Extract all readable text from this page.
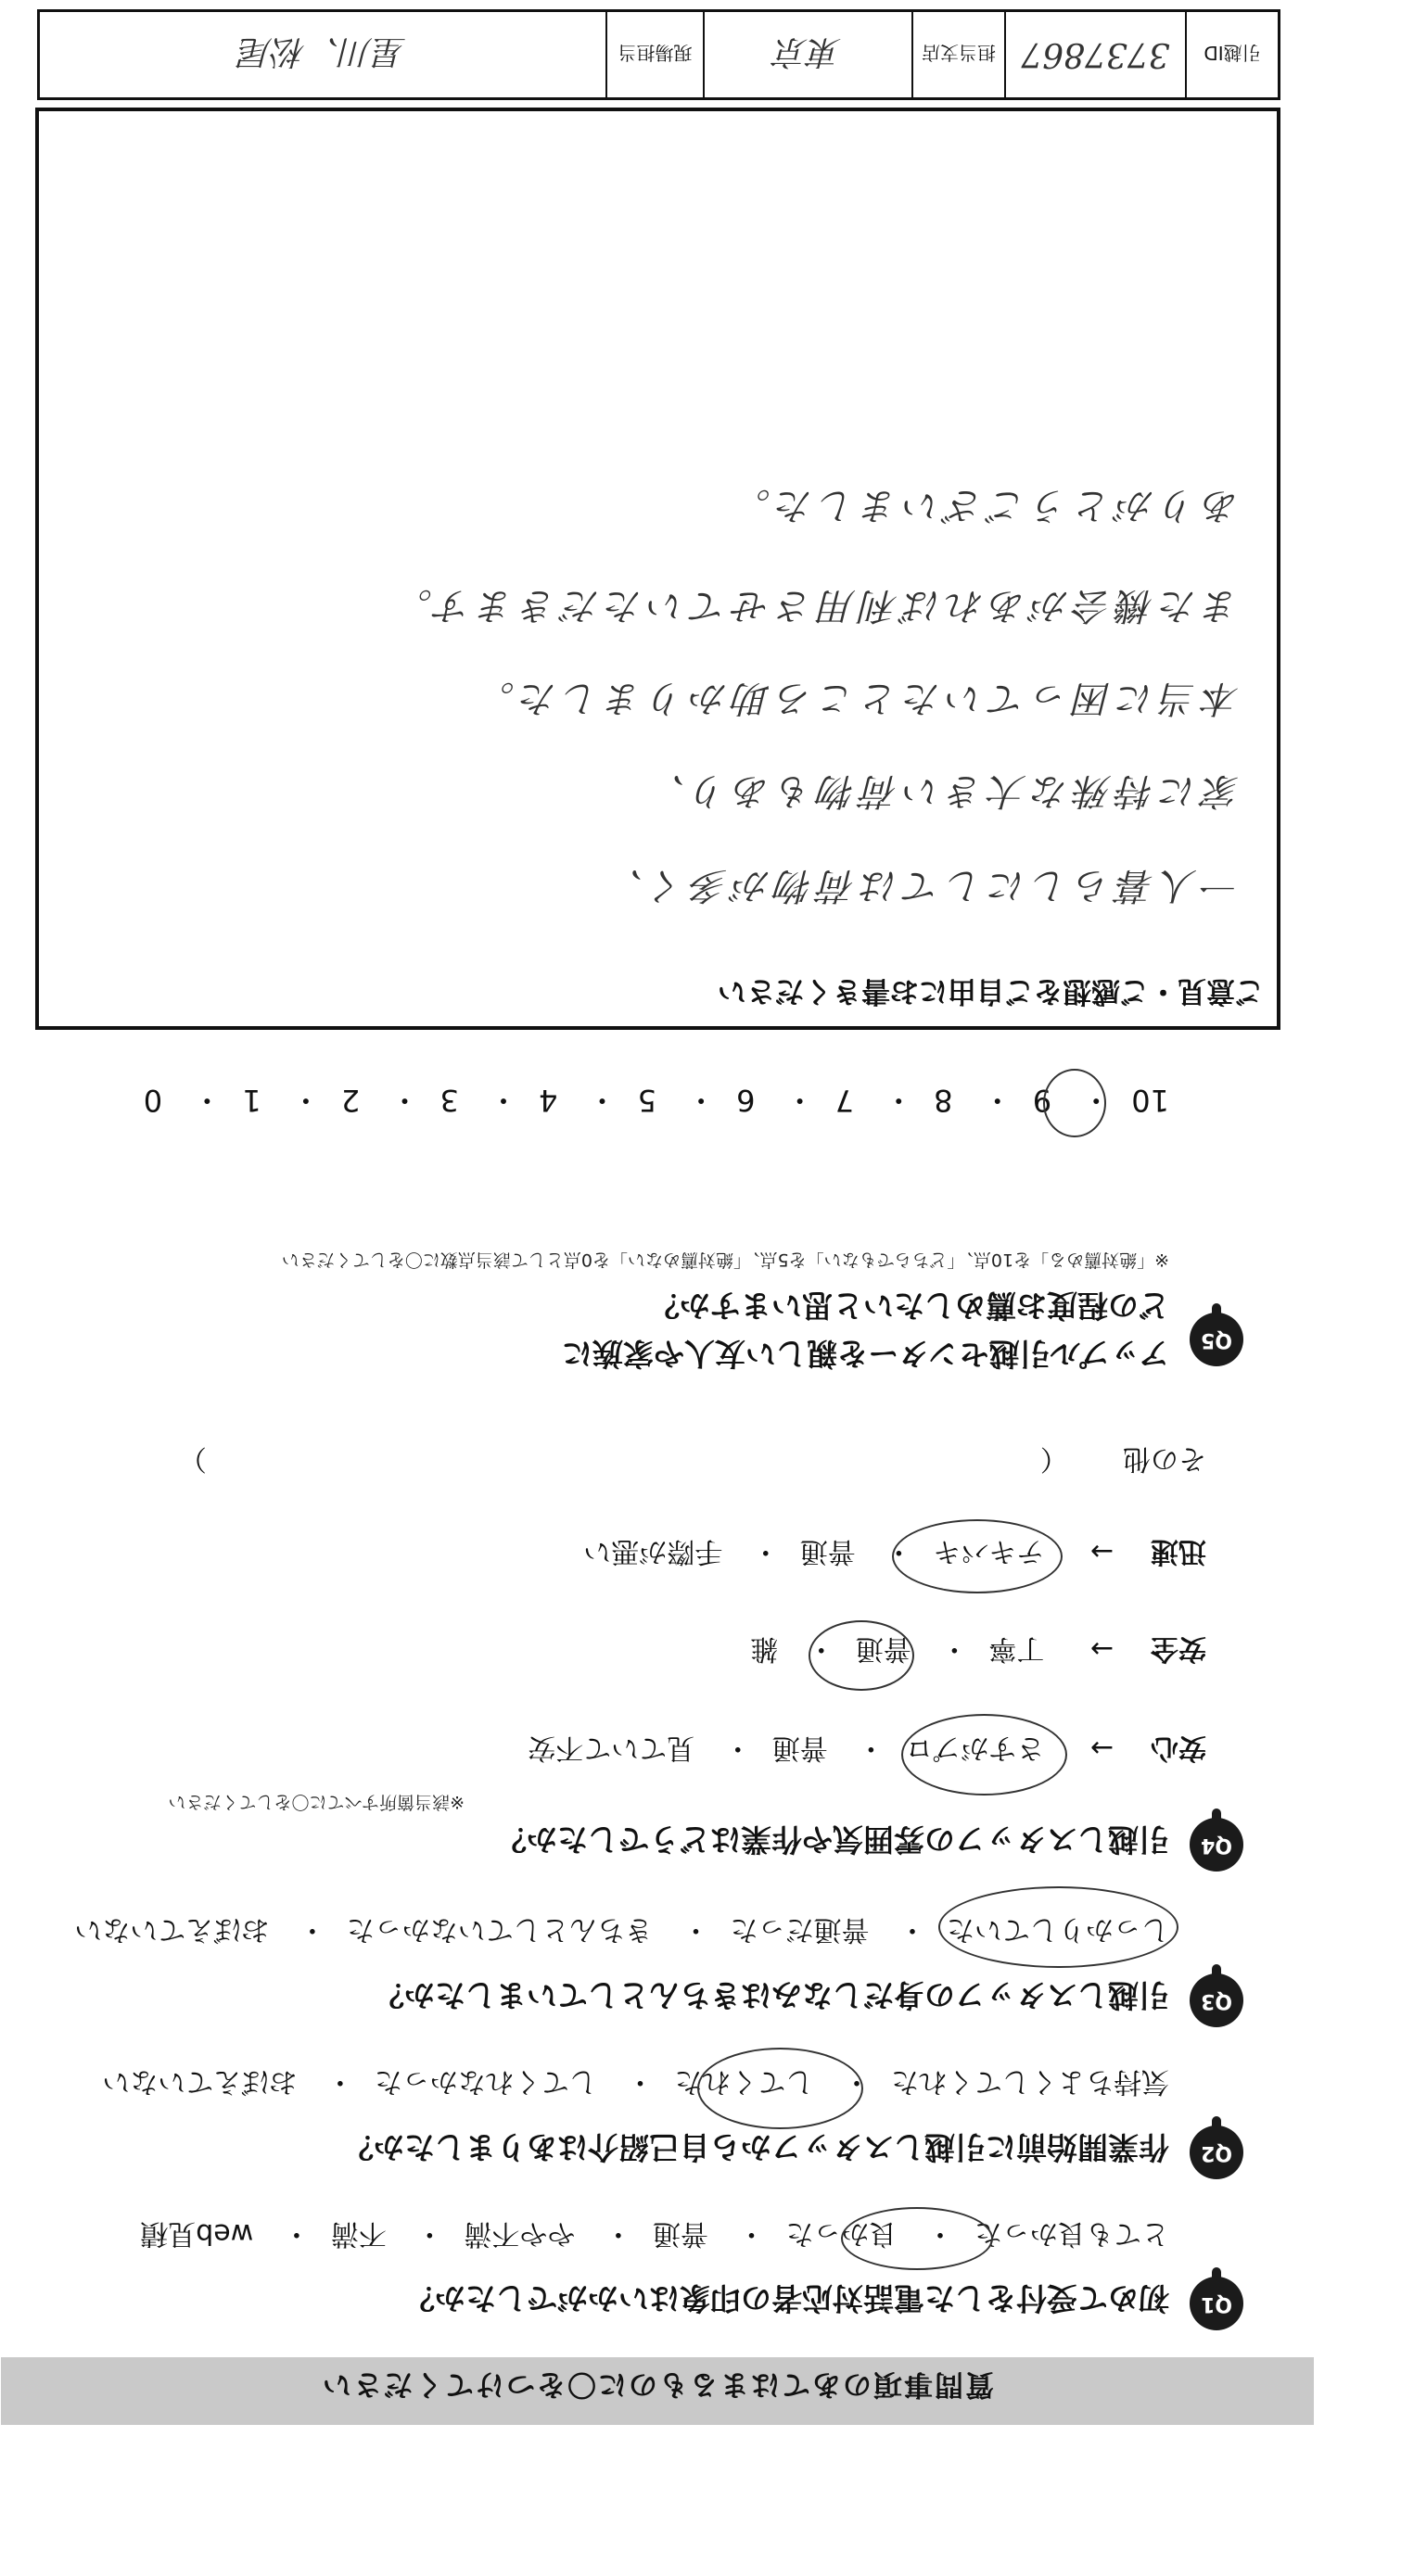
質問事項のあてはまるものに〇をつけてください
Q1
初めて受付をした電話対応者の印象はいかがでしたか？
とても良かった・ 良かった・ 普通・ やや不満・ 不満・ web見積
Q2
作業開始前に引越しスタッフから自己紹介はありましたか？
気持ちよくしてくれた・ してくれた・ してくれなかった・ おぼえていない
Q3
引越しスタッフの身だしなみはきちんとしていましたか？
しっかりしていた・ 普通だった・ きちんとしていなかった・ おぼえていない
Q4
引越しスタッフの雰囲気や作業はどうでしたか？
※該当箇所すべてに〇をしてください
安心
→ さすがプロ・ 普通・ 見ていて不安
安全
→ 丁寧・ 普通・ 雑
迅速
→ テキパキ・ 普通・ 手際が悪い
その他  （  ）
Q5
アップル引越センターを親しい友人や家族に
どの程度お薦めしたいと思いますか？
※「絶対薦める」を10点、「どちらでもない」を5点、「絶対薦めない」を0点として該当点数に〇をしてください
10・ 9・ 8・ 7・ 6・ 5・ 4・ 3・ 2・ 1・ 0
ご意見・ご感想をご自由にお書きください
一人暮らしにしては荷物が多く、
家に特殊な大きい荷物もあり、
本当に困っていたところ助かりました。
また機会があれば利用させていただきます。
ありがとうございました。
引越ID
3737867
担当支店
東京
現場担当
星川、松尾
